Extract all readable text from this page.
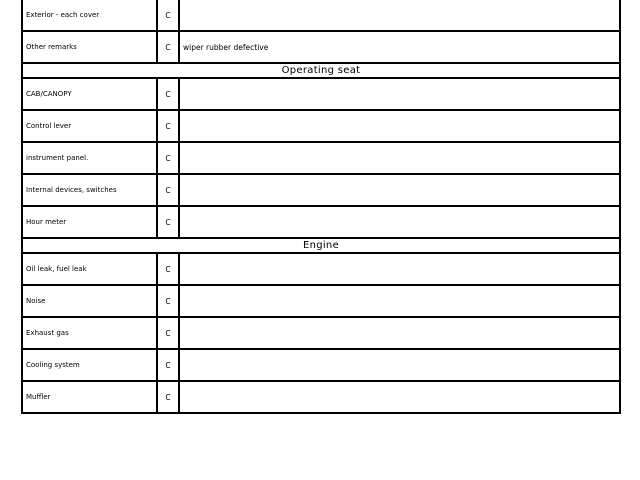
Exterior - each cover	C	
Other remarks	C	wiper rubber defective
Operating seat		
CAB/CANOPY	C	
Control lever	C	
instrument panel.	C	
Internal devices, switches	C	
Hour meter	C	
Engine		
Oil leak, fuel leak	C	
Noise	C	
Exhaust gas	C	
Cooling system	C	
Muffler	C	
